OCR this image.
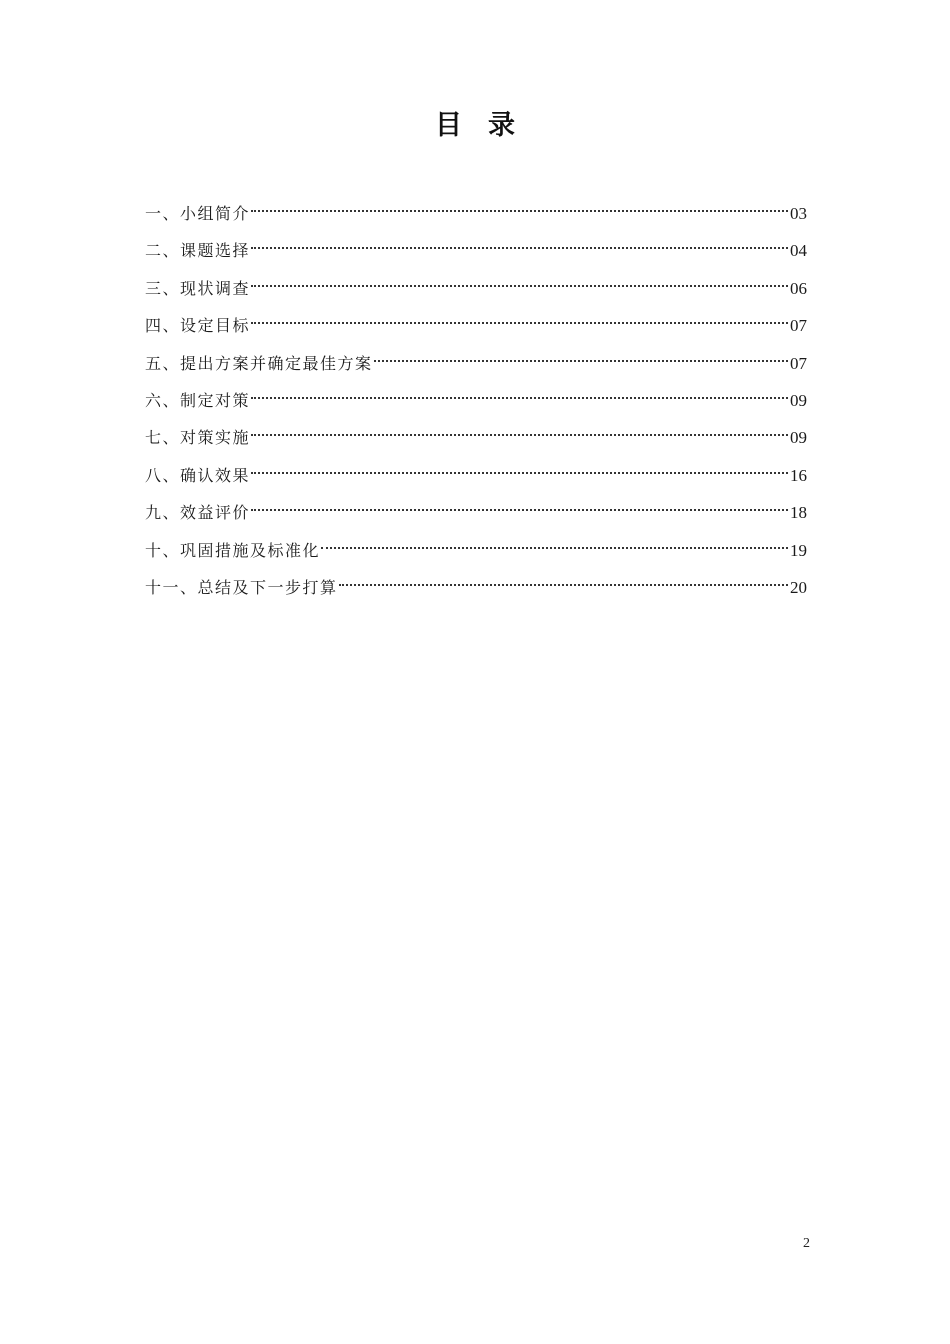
目录
一、小组简介	03
二、课题选择	04
三、现状调查	06
四、设定目标	07
五、提出方案并确定最佳方案	07
六、制定对策	09
七、对策实施	09
八、确认效果	16
九、效益评价	18
十、巩固措施及标准化	19
十一、总结及下一步打算	20
2
